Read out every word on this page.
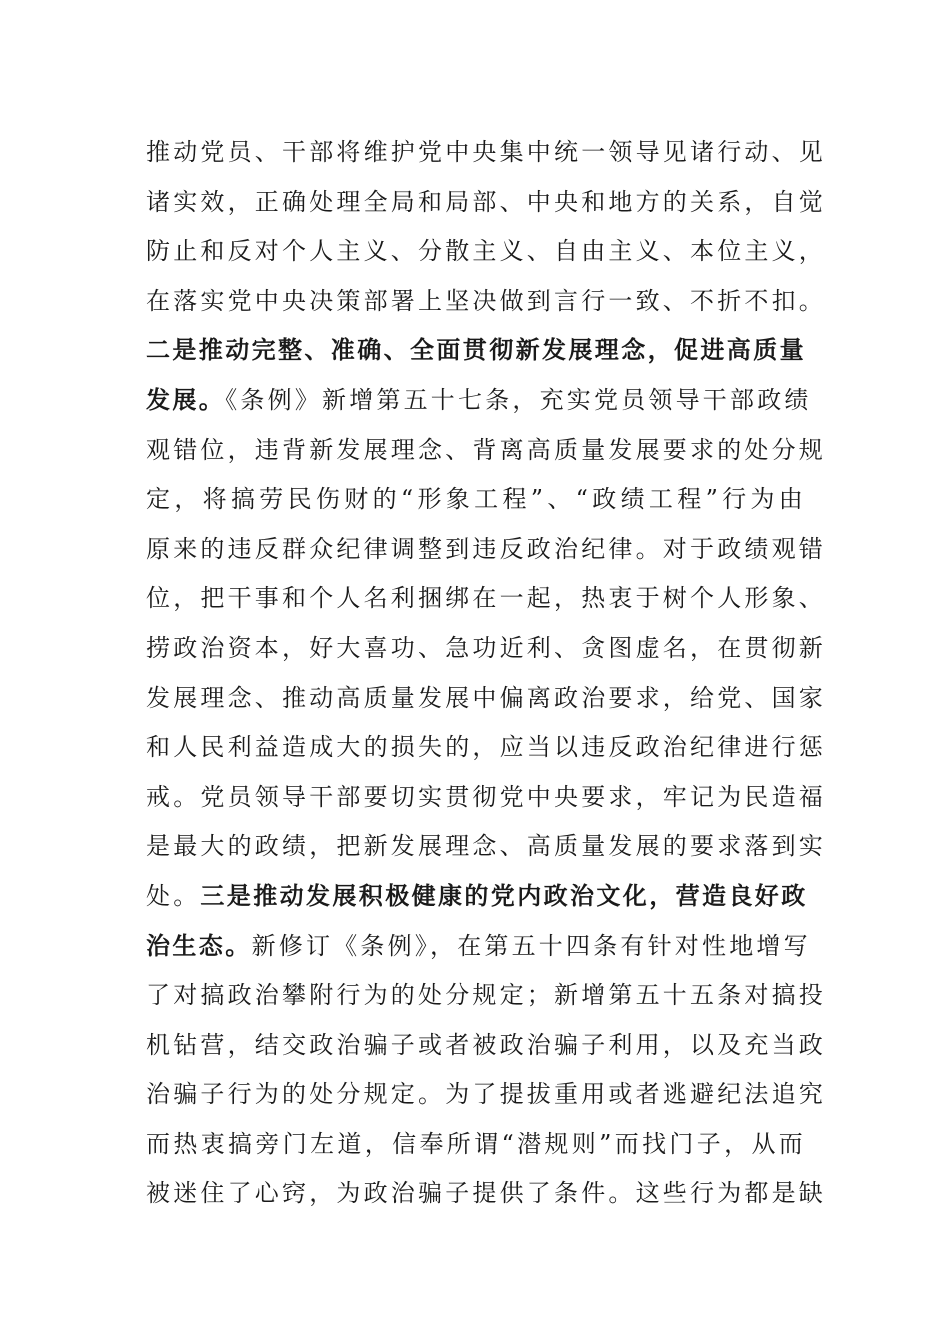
推动党员、干部将维护党中央集中统一领导见诸行动、见
诸实效，正确处理全局和局部、中央和地方的关系，自觉
防止和反对个人主义、分散主义、自由主义、本位主义，
在落实党中央决策部署上坚决做到言行一致、不折不扣。
二是推动完整、准确、全面贯彻新发展理念，促进高质量
发展。《条例》新增第五十七条，充实党员领导干部政绩
观错位，违背新发展理念、背离高质量发展要求的处分规
定，将搞劳民伤财的“形象工程”、“政绩工程”行为由
原来的违反群众纪律调整到违反政治纪律。对于政绩观错
位，把干事和个人名利捆绑在一起，热衷于树个人形象、
捞政治资本，好大喜功、急功近利、贪图虚名，在贯彻新
发展理念、推动高质量发展中偏离政治要求，给党、国家
和人民利益造成大的损失的，应当以违反政治纪律进行惩
戒。党员领导干部要切实贯彻党中央要求，牢记为民造福
是最大的政绩，把新发展理念、高质量发展的要求落到实
处。三是推动发展积极健康的党内政治文化，营造良好政
治生态。新修订《条例》，在第五十四条有针对性地增写
了对搞政治攀附行为的处分规定；新增第五十五条对搞投
机钻营，结交政治骗子或者被政治骗子利用，以及充当政
治骗子行为的处分规定。为了提拔重用或者逃避纪法追究
而热衷搞旁门左道，信奉所谓“潜规则”而找门子，从而
被迷住了心窍，为政治骗子提供了条件。这些行为都是缺
